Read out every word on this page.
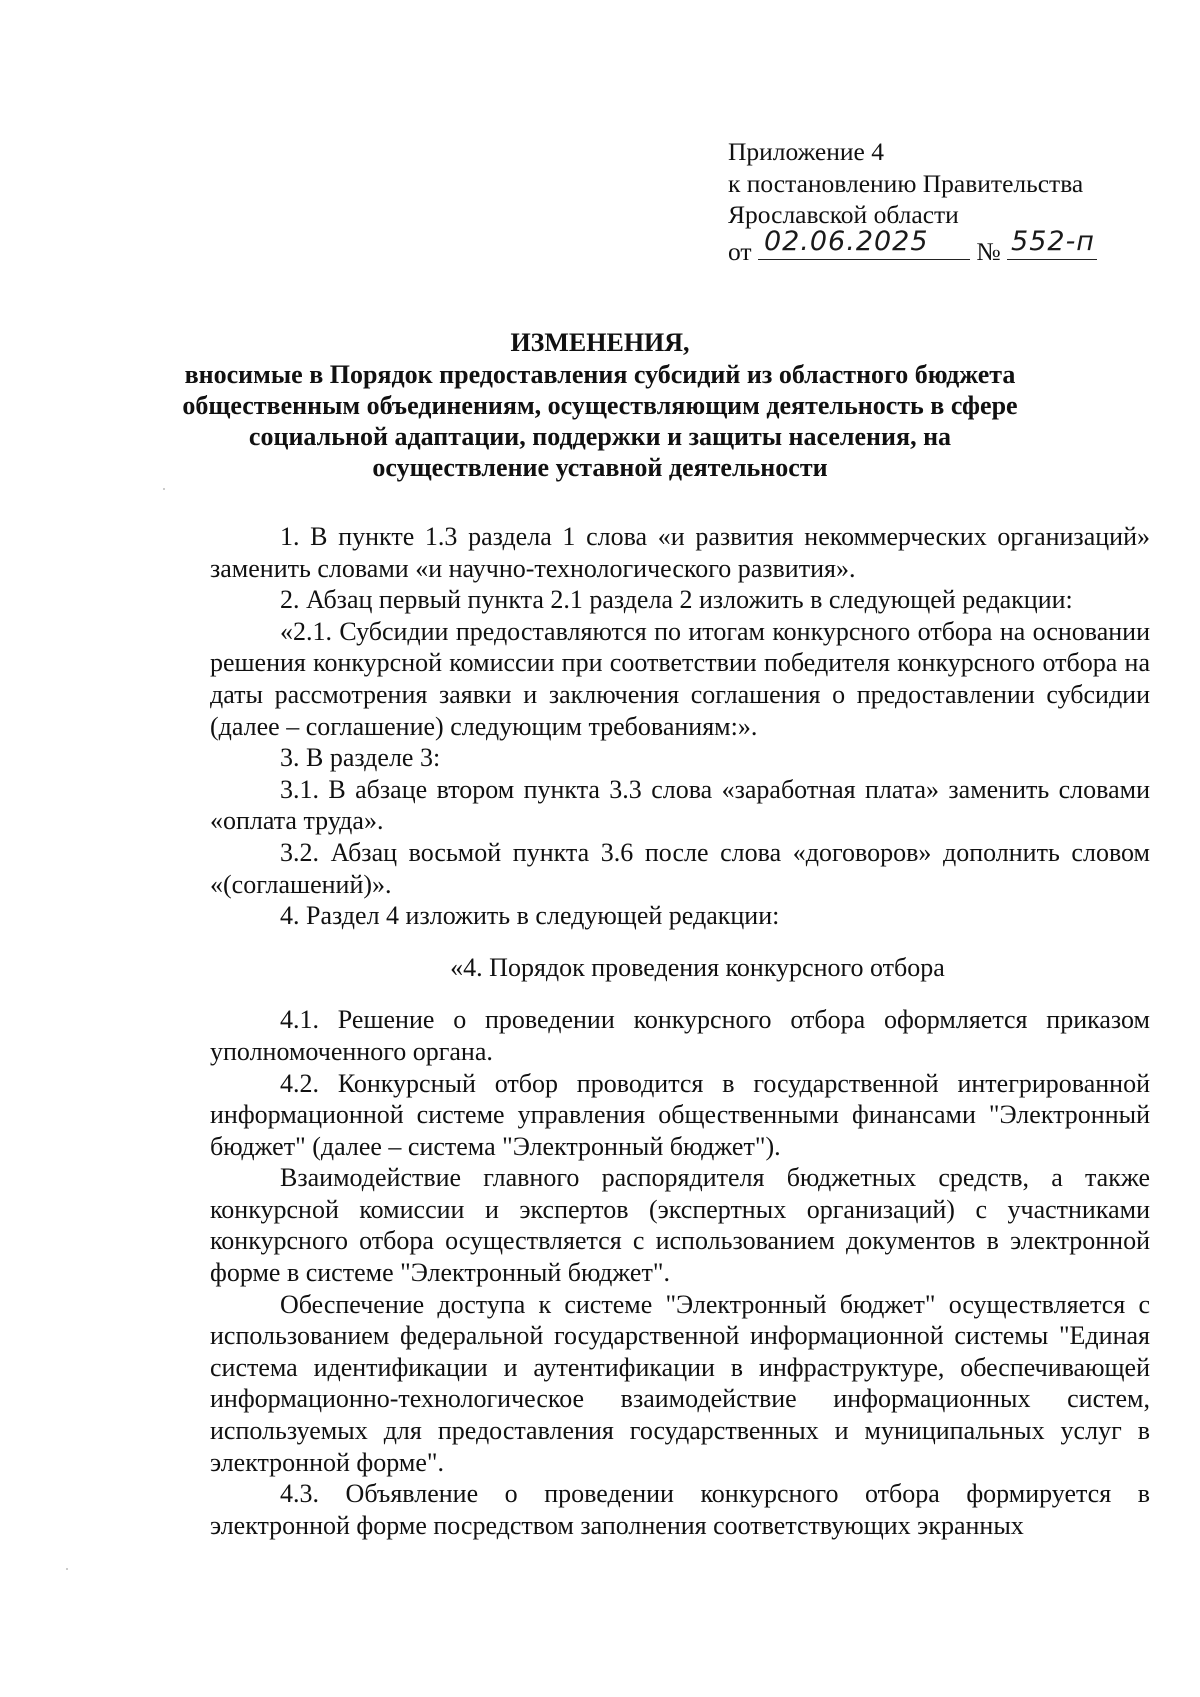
Приложение 4
к постановлению Правительства
Ярославской области
от 02.06.2025 № 552-п
ИЗМЕНЕНИЯ,
вносимые в Порядок предоставления субсидий из областного бюджета
общественным объединениям, осуществляющим деятельность в сфере
социальной адаптации, поддержки и защиты населения, на
осуществление уставной деятельности

1. В пункте 1.3 раздела 1 слова «и развития некоммерческих организаций» заменить словами «и научно-технологического развития».

2. Абзац первый пункта 2.1 раздела 2 изложить в следующей редакции:

«2.1. Субсидии предоставляются по итогам конкурсного отбора на основании решения конкурсной комиссии при соответствии победителя конкурсного отбора на даты рассмотрения заявки и заключения соглашения о предоставлении субсидии (далее – соглашение) следующим требованиям:».

3. В разделе 3:

3.1. В абзаце втором пункта 3.3 слова «заработная плата» заменить словами «оплата труда».

3.2. Абзац восьмой пункта 3.6 после слова «договоров» дополнить словом «(соглашений)».

4. Раздел 4 изложить в следующей редакции:

«4. Порядок проведения конкурсного отбора

4.1. Решение о проведении конкурсного отбора оформляется приказом уполномоченного органа.

4.2. Конкурсный отбор проводится в государственной интегрированной информационной системе управления общественными финансами "Электронный бюджет" (далее – система "Электронный бюджет").

Взаимодействие главного распорядителя бюджетных средств, а также конкурсной комиссии и экспертов (экспертных организаций) с участниками конкурсного отбора осуществляется с использованием документов в электронной форме в системе "Электронный бюджет".

Обеспечение доступа к системе "Электронный бюджет" осуществляется с использованием федеральной государственной информационной системы "Единая система идентификации и аутентификации в инфраструктуре, обеспечивающей информационно-технологическое взаимодействие информационных систем, используемых для предоставления государственных и муниципальных услуг в электронной форме".

4.3. Объявление о проведении конкурсного отбора формируется в электронной форме посредством заполнения соответствующих экранных
